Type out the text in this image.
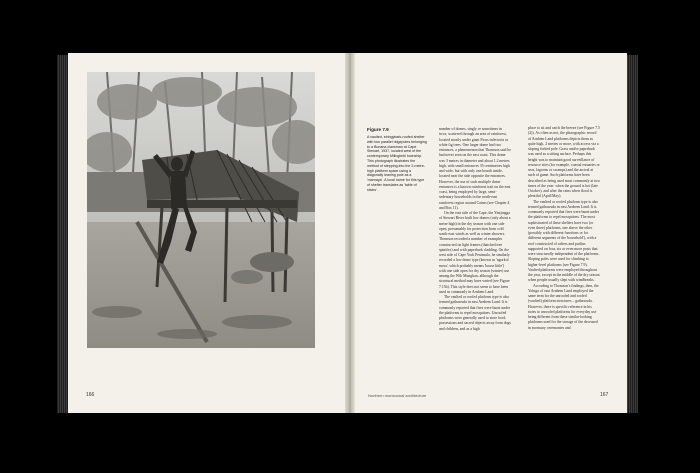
Figure 7.9
A vaulted, stringybark-roofed shelter with two parallel ridgepoles belonging to a Bunana clansman at Cape Stewart, 1937, located west of the contemporary Milingimbi township. This photograph illustrates the method of stepping into the 2-metre-high platform space using a diagonally leaning pole as a 'marnaya'. A local name for this type of shelter translates as 'table of sticks'.

number of domes, singly or sometimes in twos, scattered through an area of rainforest, located mostly under giant Ficus infectoria or white fig trees. One larger dome had two entrances, a phenomenon that Thomson said he had never seen on the east coast. This dome was 3 metres in diameter and about 1.2 metres high, with small entrances 35 centimetres high and wide, but with only one hearth inside, located near the side opposite the entrances. However, the use of such multiple dome entrances is a known rainforest trait on the east coast, being employed by large, semi-sedentary households in the north-east rainforest region around Cairns (see Chapter 4 and Box 11).

On the east side of the Cape, the Yintjingga of Stewart River built low domes (only about a metre high) in the dry season with one side open, presumably for protection from cold south-east winds as well as winter showers. Thomson recorded a number of examples constructed on light frames (thatched tree spinifex) and with paperbark cladding. On the west side of Cape York Peninsula, he similarly recorded a low dome type (known as 'ngorkol mora', which probably means 'house little') with one side open for dry season (winter) use among the Wik Mungkan, although the structural method may have varied (see Figure 7.15b). This style does not seem to have been used as commonly in Arnhem Land.

The vaulted or roofed platform type is also termed gathawuda in east Arnhem Land. It is commonly reported that fires were burnt under the platforms to repel mosquitoes. Unroofed platforms were generally used to store food, possessions and sacred objects away from dogs and children, and as a high

place to sit and catch the breeze (see Figure 7.5 (2)). As often as not, the photographic record of Arnhem Land platforms depicts them as quite high, 2 metres or more, with access via a sloping forked pole. Grass and/or paperbark was used as a sitting surface. Perhaps this height was to maintain good surveillance of resource sites (for example, coastal estuaries or seas, lagoons or swamps) and the arrival at such of game. Such platforms have been described as being used most commonly at two times of the year: when the ground is hot (late October), and after the rains when flood is plentiful (April/May).

The vaulted or roofed platform type is also termed gathawuda in east Arnhem Land. It is commonly reported that fires were burnt under the platforms to repel mosquitoes. The most sophisticated of these shelters have two (or even three) platforms, one above the other (possibly with different functions or for different segments of the 'household'), with a roof constructed of rafters and purlins supported on four, six or even more posts that were structurally independent of the platforms. Sloping poles were used for climbing to higher-level platforms (see Figure 7.9). Vaulted platforms were employed throughout the year, except in the middle of the dry season when people usually slept with windbreaks.

According to Thomson's findings, then, the Yolngu of east Arnhem Land employed the same term for the unroofed and roofed (vaulted) platform structures – gathawuda. However, there is specific reference in his notes to unroofed platforms for everyday use being different from these similar-looking platforms used for the storage of the deceased in mortuary ceremonies and

166	Northern monsoonal architecture	167
